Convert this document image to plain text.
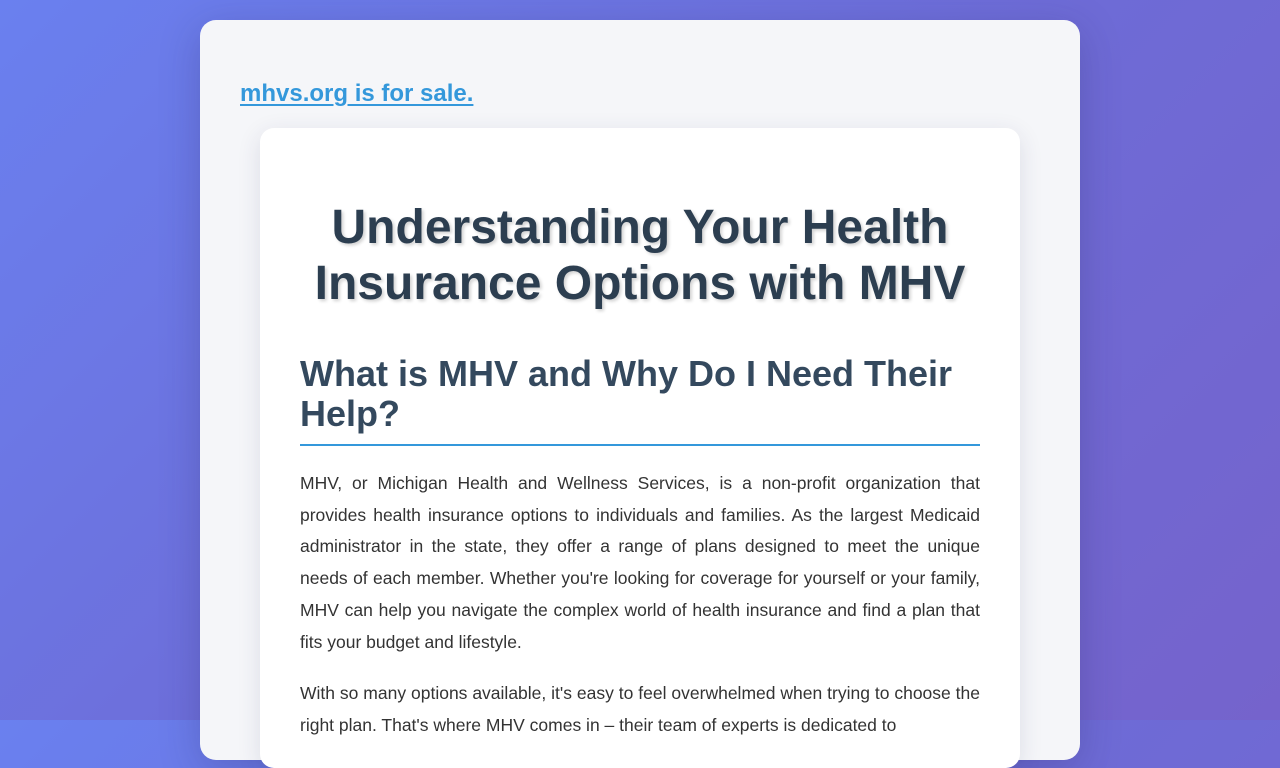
mhvs.org is for sale.
Understanding Your Health Insurance Options with MHV
What is MHV and Why Do I Need Their Help?

MHV, or Michigan Health and Wellness Services, is a non-profit organization that provides health insurance options to individuals and families. As the largest Medicaid administrator in the state, they offer a range of plans designed to meet the unique needs of each member. Whether you're looking for coverage for yourself or your family, MHV can help you navigate the complex world of health insurance and find a plan that fits your budget and lifestyle.

With so many options available, it's easy to feel overwhelmed when trying to choose the right plan. That's where MHV comes in – their team of experts is dedicated to
